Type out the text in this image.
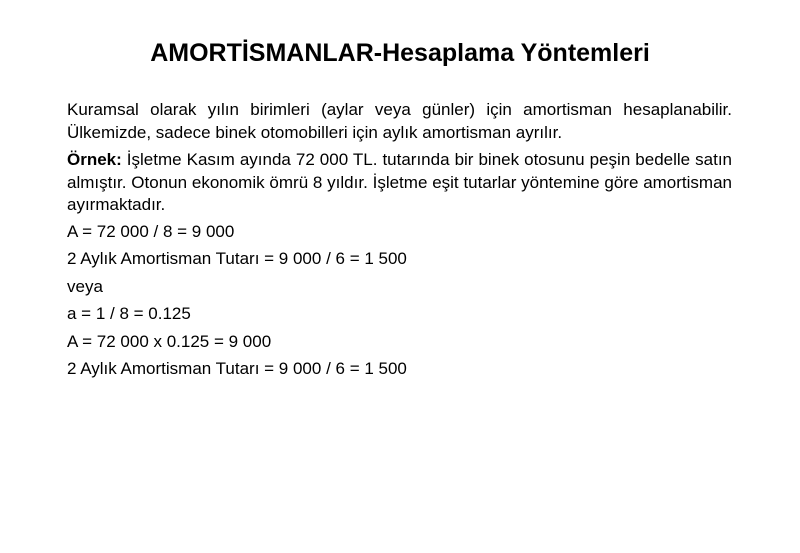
AMORTİSMANLAR-Hesaplama Yöntemleri

Kuramsal olarak yılın birimleri (aylar veya günler) için amortisman hesaplanabilir. Ülkemizde, sadece binek otomobilleri için aylık amortisman ayrılır.

Örnek: İşletme Kasım ayında 72 000 TL. tutarında bir binek otosunu peşin bedelle satın almıştır. Otonun ekonomik ömrü 8 yıldır. İşletme eşit tutarlar yöntemine göre amortisman ayırmaktadır.

A = 72 000 / 8 = 9 000

2 Aylık Amortisman Tutarı = 9 000 / 6 = 1 500

veya

a = 1 / 8 = 0.125

A = 72 000 x 0.125 = 9 000

2 Aylık Amortisman Tutarı = 9 000 / 6 = 1 500
